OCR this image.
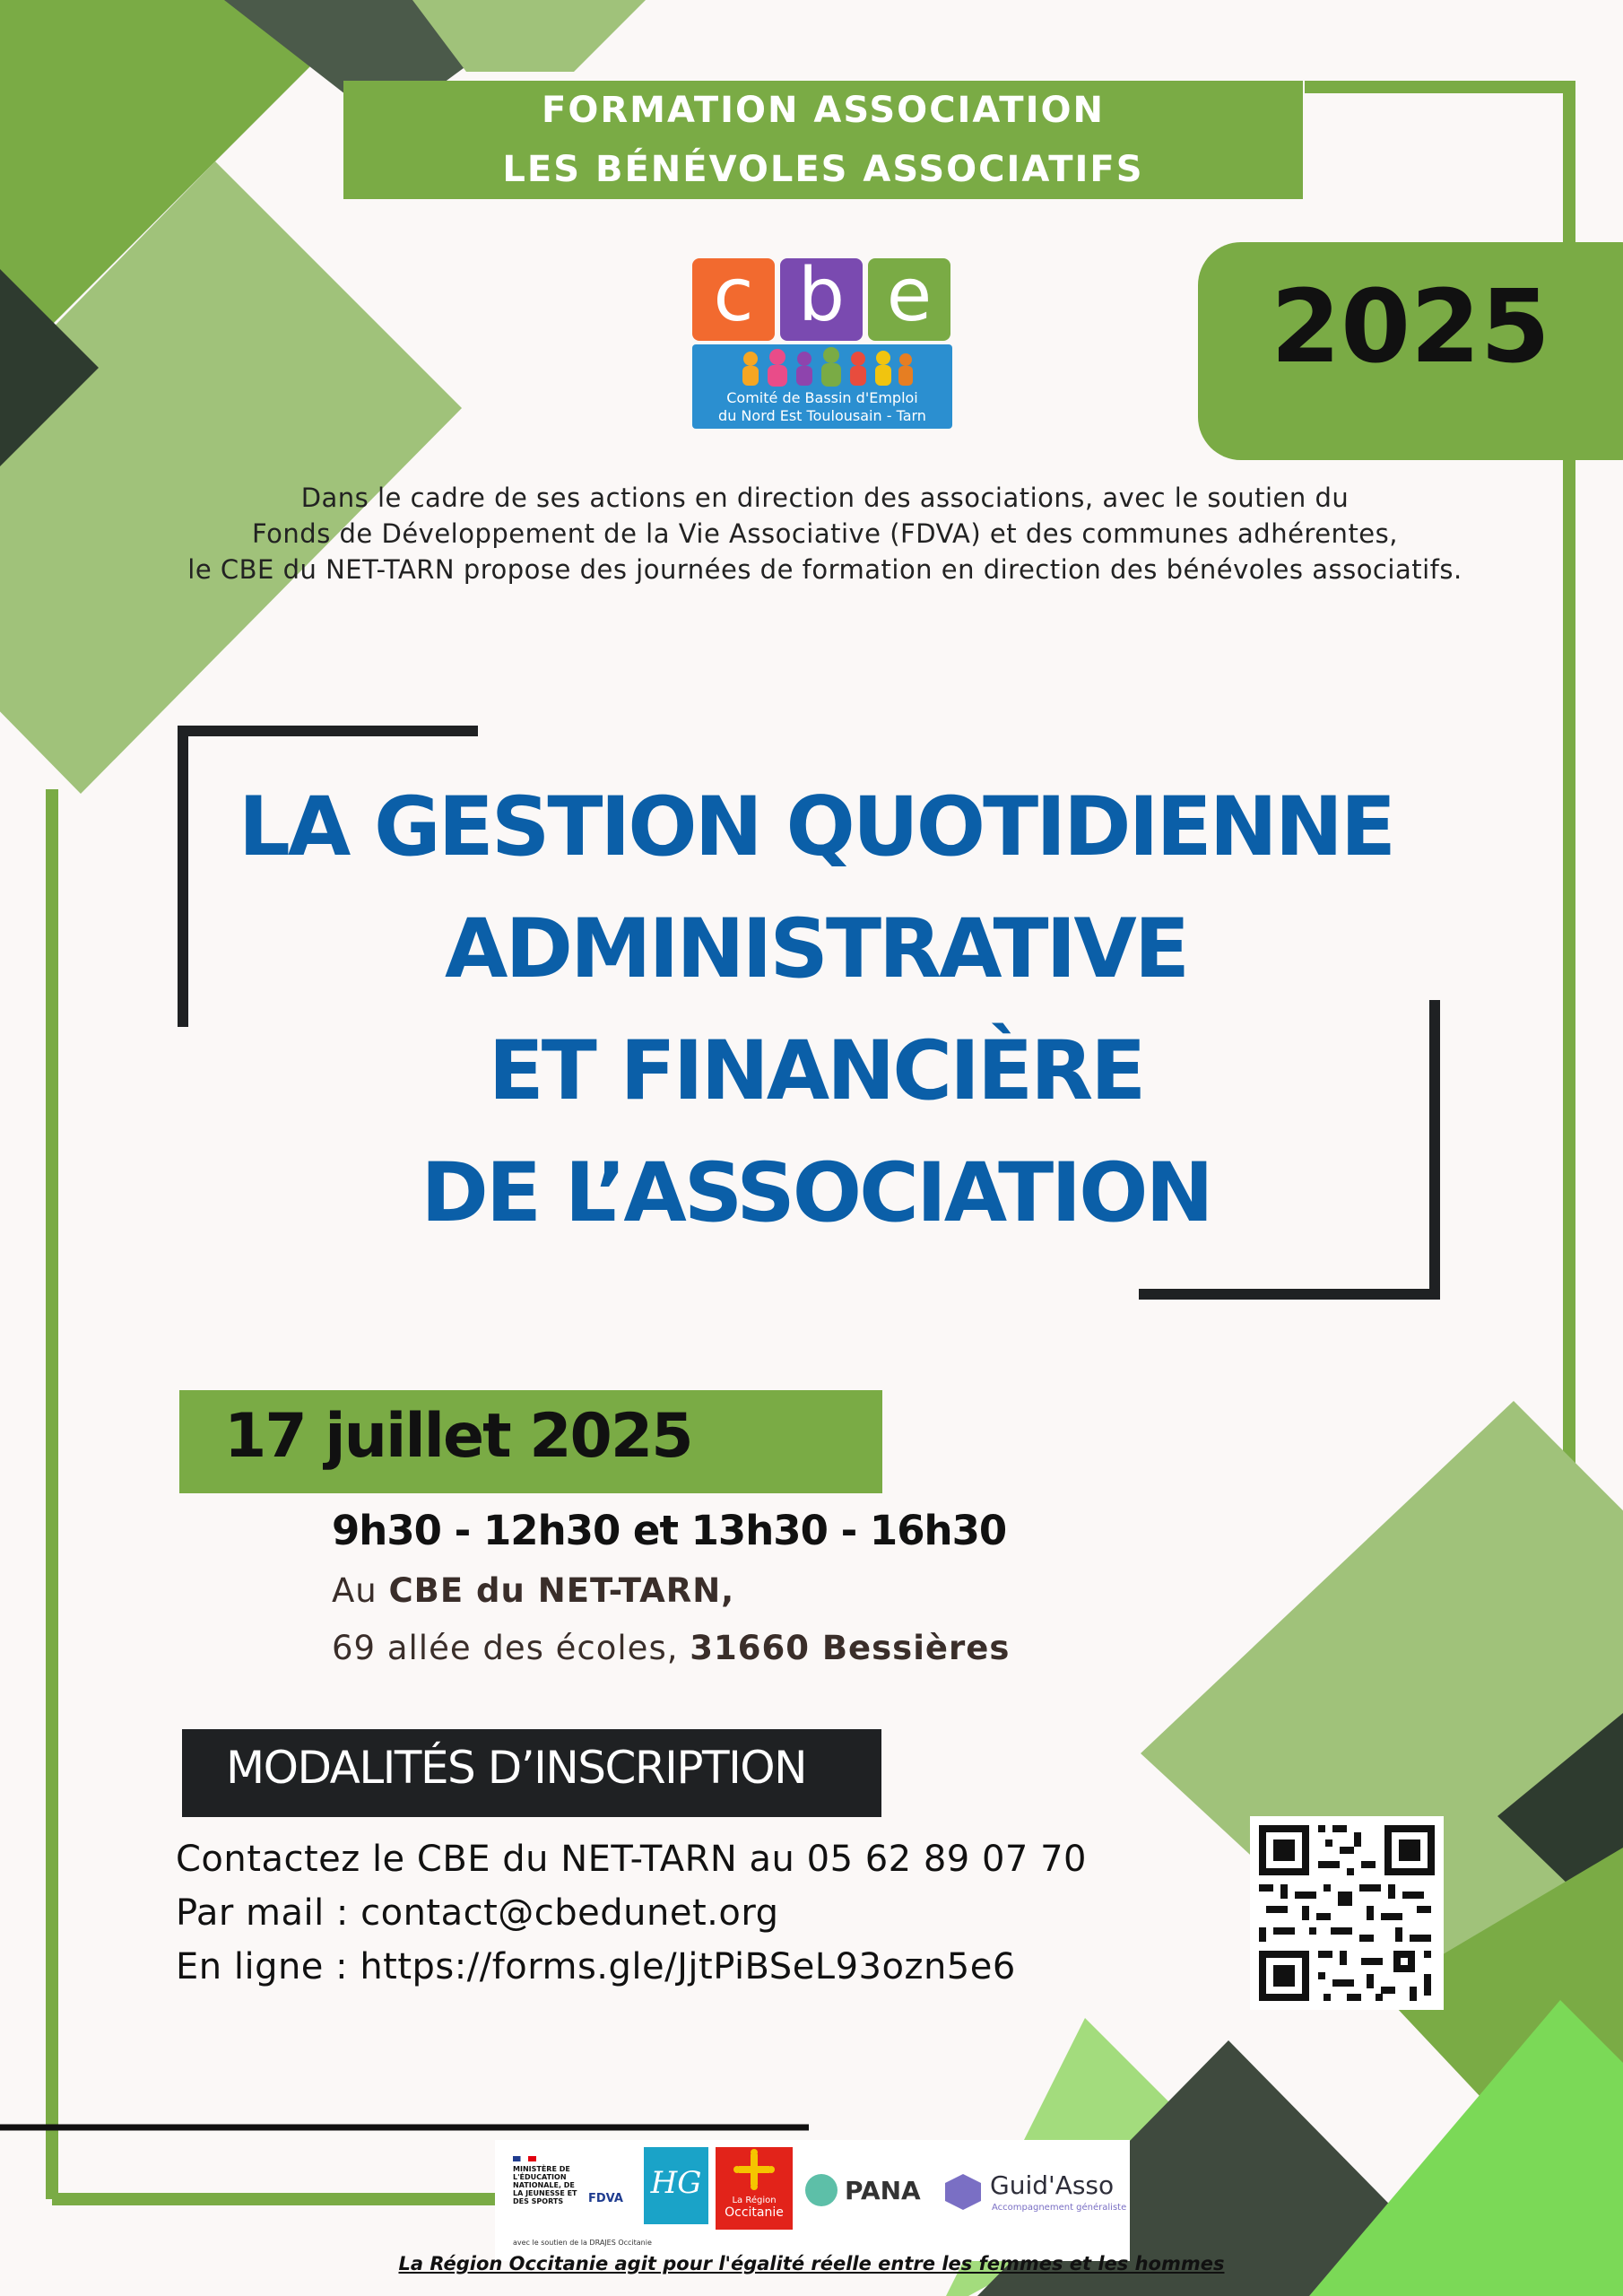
FORMATION ASSOCIATION
LES BÉNÉVOLES ASSOCIATIFS
2025
c b e
Comité de Bassin d'Emploi
du Nord Est Toulousain - Tarn
Dans le cadre de ses actions en direction des associations, avec le soutien du
Fonds de Développement de la Vie Associative (FDVA) et des communes adhérentes,
le CBE du NET-TARN propose des journées de formation en direction des bénévoles associatifs.
LA GESTION QUOTIDIENNE
ADMINISTRATIVE
ET FINANCIÈRE
DE L’ASSOCIATION
17 juillet 2025
9h30 - 12h30 et 13h30 - 16h30
Au CBE du NET-TARN,
69 allée des écoles, 31660 Bessières
MODALITÉS D’INSCRIPTION
Contactez le CBE du NET-TARN au 05 62 89 07 70
Par mail : contact@cbedunet.org
En ligne : https://forms.gle/JjtPiBSeL93ozn5e6
MINISTÈRE DE L'ÉDUCATION NATIONALE, DE LA JEUNESSE ET DES SPORTS	FDVA
avec le soutien de la DRAJES Occitanie
HG	La Région
Occitanie
PANA	Guid'Asso
Accompagnement généraliste
La Région Occitanie agit pour l'égalité réelle entre les femmes et les hommes
